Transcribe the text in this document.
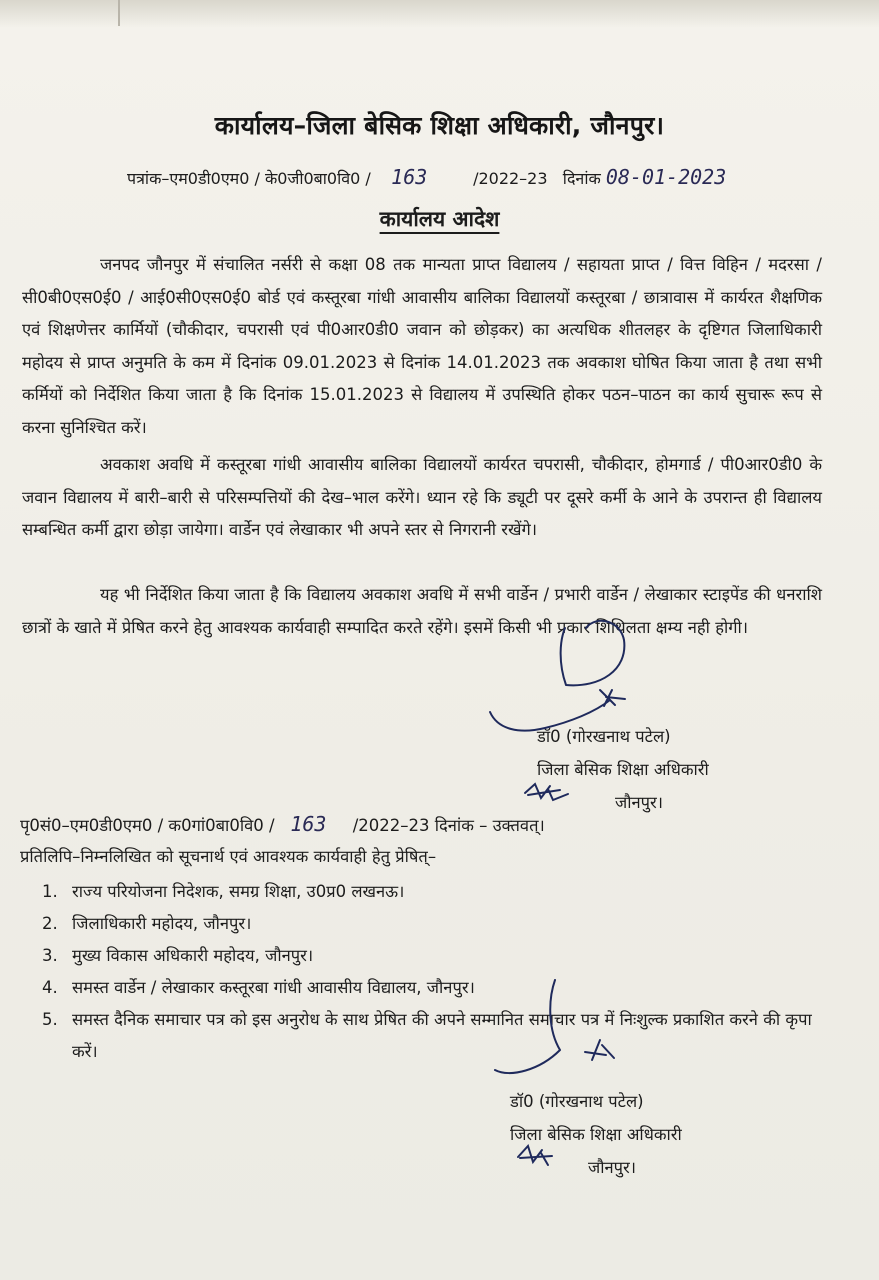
कार्यालय–जिला बेसिक शिक्षा अधिकारी, जौनपुर।
पत्रांक–एम0डी0एम0 / के0जी0बा0वि0 / 163	/2022–23 दिनांक 08-01-2023
कार्यालय आदेश

जनपद जौनपुर में संचालित नर्सरी से कक्षा 08 तक मान्यता प्राप्त विद्यालय / सहायता प्राप्त / वित्त विहिन / मदरसा / सी0बी0एस0ई0 / आई0सी0एस0ई0 बोर्ड एवं कस्तूरबा गांधी आवासीय बालिका विद्यालयों कस्तूरबा / छात्रावास में कार्यरत शैक्षणिक एवं शिक्षणेत्तर कार्मियों (चौकीदार, चपरासी एवं पी0आर0डी0 जवान को छोड़कर) का अत्यधिक शीतलहर के दृष्टिगत जिलाधिकारी महोदय से प्राप्त अनुमति के कम में दिनांक 09.01.2023 से दिनांक 14.01.2023 तक अवकाश घोषित किया जाता है तथा सभी कर्मियों को निर्देशित किया जाता है कि दिनांक 15.01.2023 से विद्यालय में उपस्थिति होकर पठन–पाठन का कार्य सुचारू रूप से करना सुनिश्चित करें।

अवकाश अवधि में कस्तूरबा गांधी आवासीय बालिका विद्यालयों कार्यरत चपरासी, चौकीदार, होमगार्ड / पी0आर0डी0 के जवान विद्यालय में बारी–बारी से परिसम्पत्तियों की देख–भाल करेंगे। ध्यान रहे कि ड्यूटी पर दूसरे कर्मी के आने के उपरान्त ही विद्यालय सम्बन्धित कर्मी द्वारा छोड़ा जायेगा। वार्डेन एवं लेखाकार भी अपने स्तर से निगरानी रखेंगे।

यह भी निर्देशित किया जाता है कि विद्यालय अवकाश अवधि में सभी वार्डेन / प्रभारी वार्डेन / लेखाकार स्टाइपेंड की धनराशि छात्रों के खाते में प्रेषित करने हेतु आवश्यक कार्यवाही सम्पादित करते रहेंगे। इसमें किसी भी प्रकार शिथिलता क्षम्य नही होगी।

डॉ0 (गोरखनाथ पटेल)
जिला बेसिक शिक्षा अधिकारी
जौनपुर।
पृ0सं0–एम0डी0एम0 / क0गां0बा0वि0 / 163 /2022–23 दिनांक – उक्तवत्।
प्रतिलिपि–निम्नलिखित को सूचनार्थ एवं आवश्यक कार्यवाही हेतु प्रेषित्–
1. राज्य परियोजना निदेशक, समग्र शिक्षा, उ0प्र0 लखनऊ।
2. जिलाधिकारी महोदय, जौनपुर।
3. मुख्य विकास अधिकारी महोदय, जौनपुर।
4. समस्त वार्डेन / लेखाकार कस्तूरबा गांधी आवासीय विद्यालय, जौनपुर।
5. समस्त दैनिक समाचार पत्र को इस अनुरोध के साथ प्रेषित की अपने सम्मानित समाचार पत्र में निःशुल्क प्रकाशित करने की कृपा करें।
डॉ0 (गोरखनाथ पटेल)
जिला बेसिक शिक्षा अधिकारी
जौनपुर।
